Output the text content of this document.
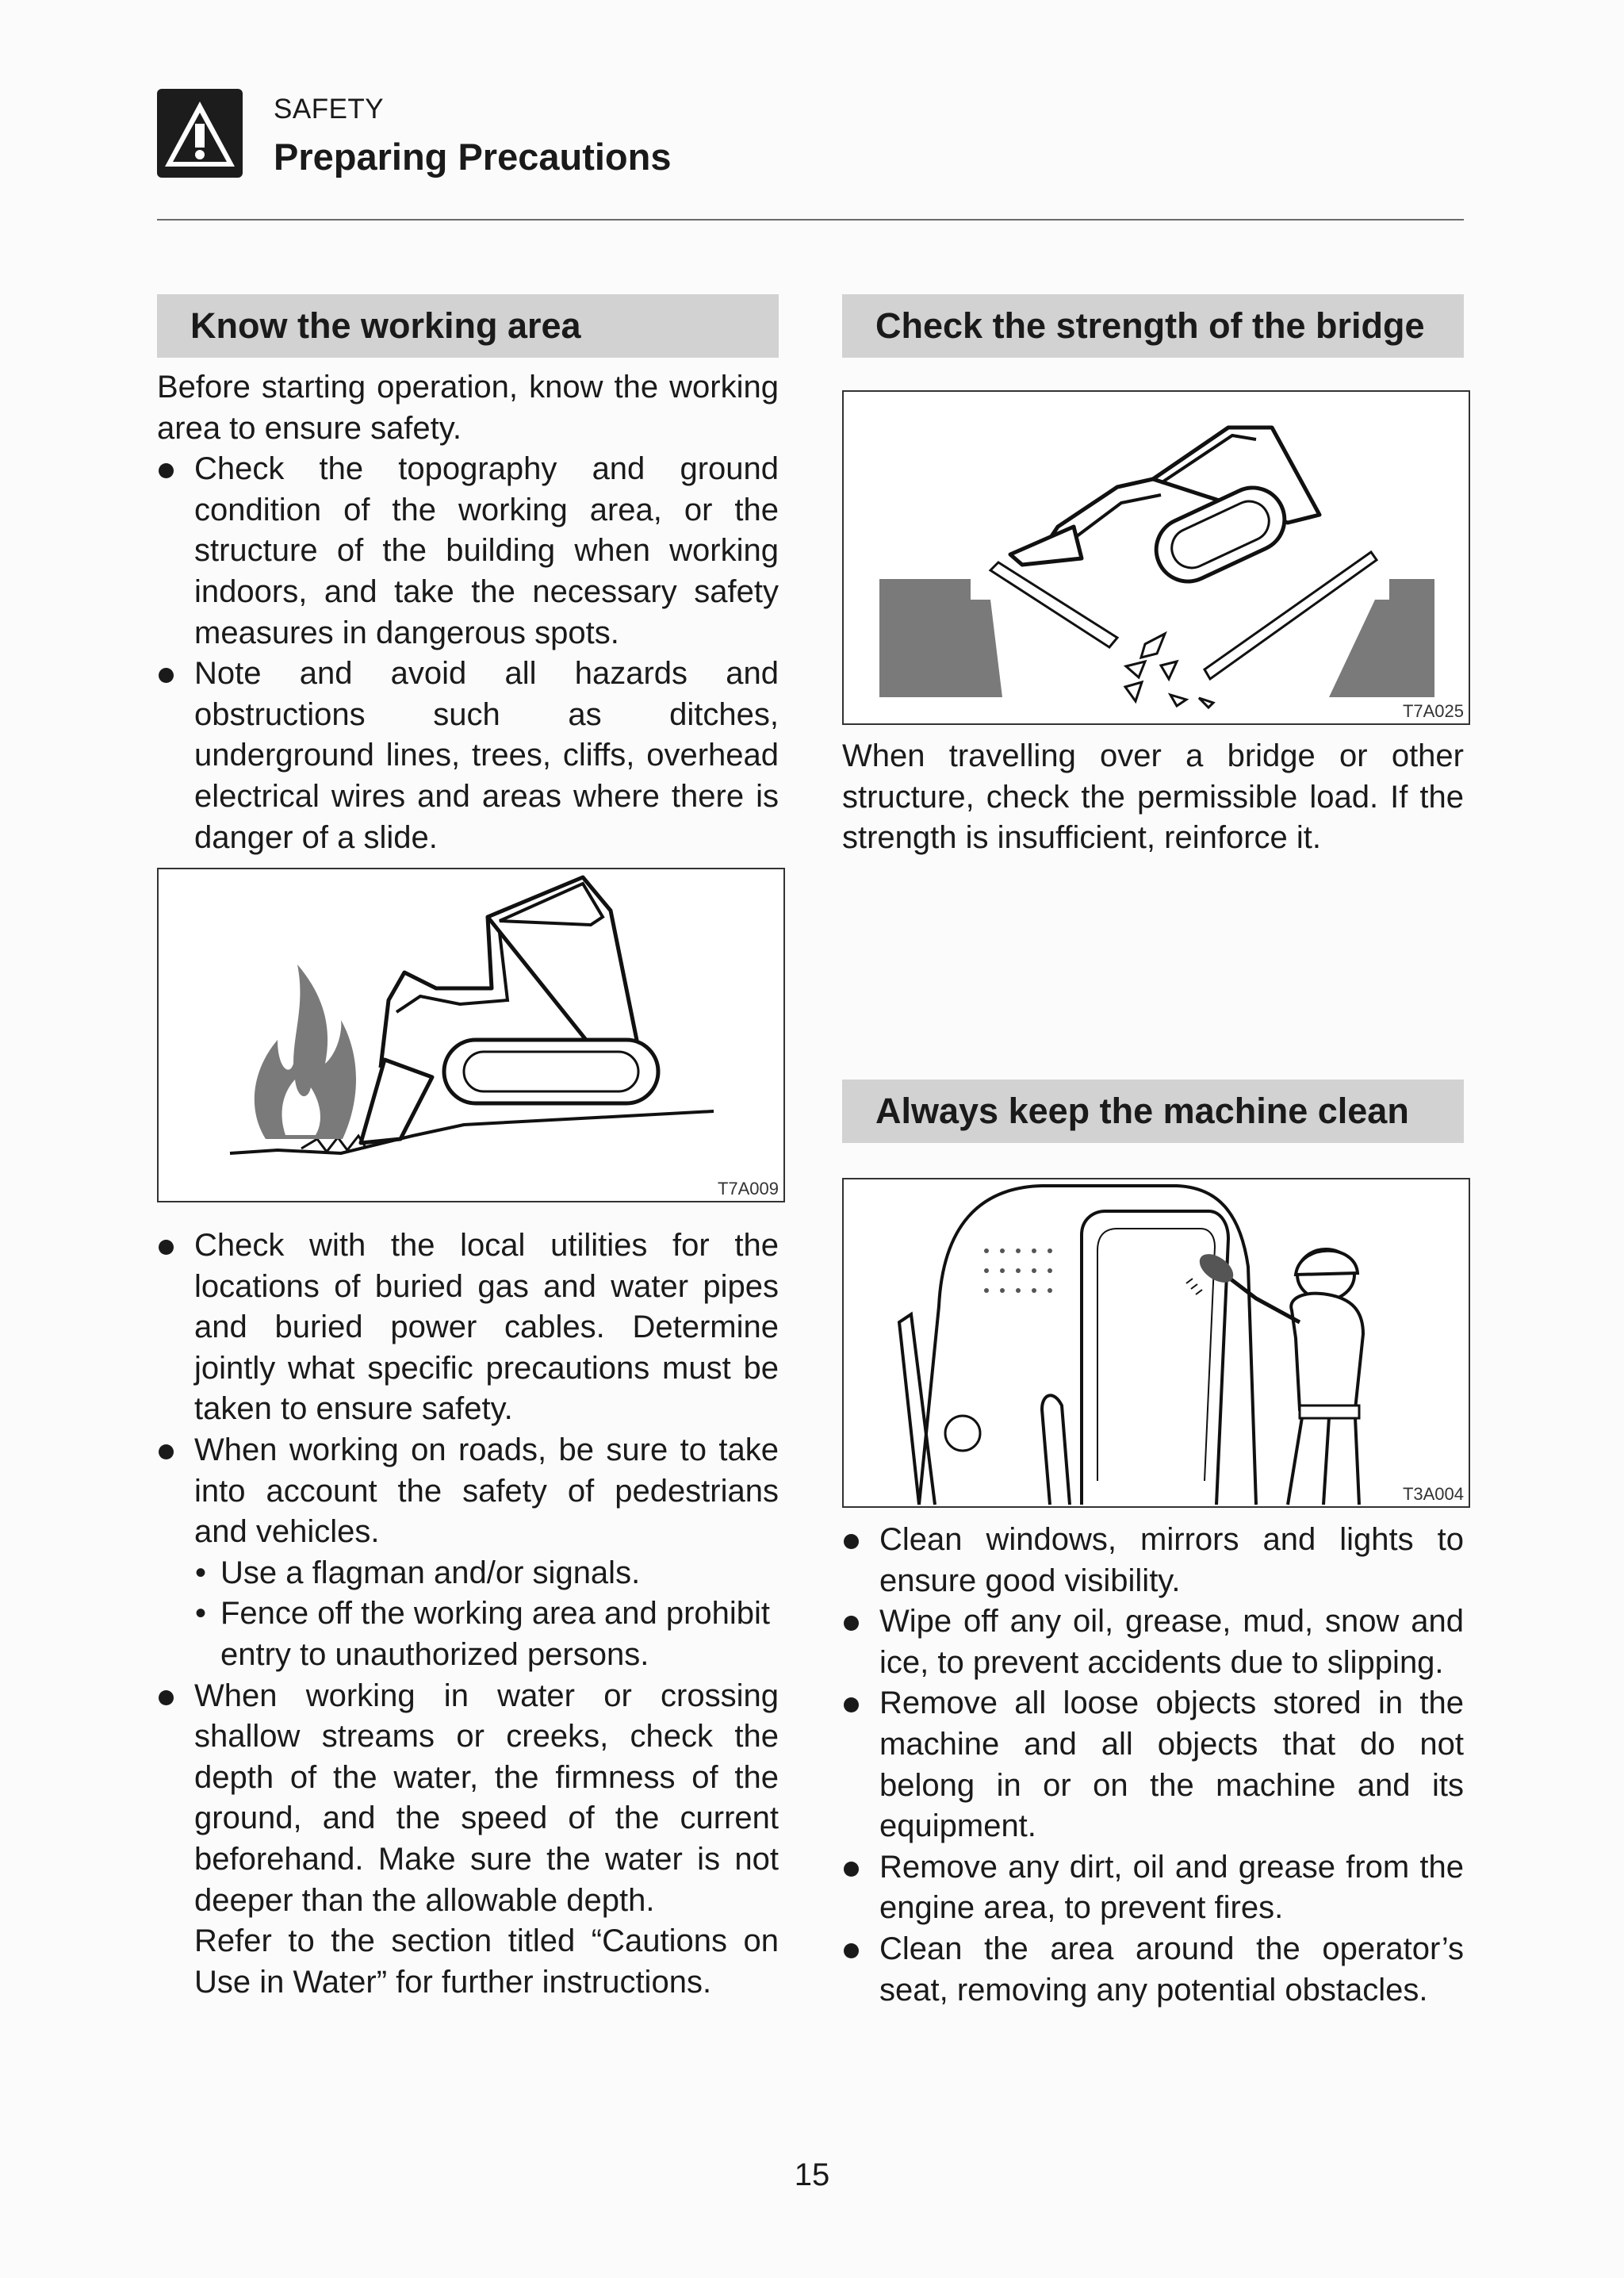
SAFETY
Preparing Precautions
Know the working area

Before starting operation, know the working area to ensure safety.

Check the topography and ground condition of the working area, or the structure of the building when working indoors, and take the necessary safety measures in dangerous spots.

Note and avoid all hazards and obstructions such as ditches, underground lines, trees, cliffs, overhead electrical wires and areas where there is danger of a slide.

T7A009

Check with the local utilities for the locations of buried gas and water pipes and buried power cables. Determine jointly what specific precautions must be taken to ensure safety.

When working on roads, be sure to take into account the safety of pedestrians and vehicles.

• Use a flagman and/or signals.

• Fence off the working area and prohibit entry to unauthorized persons.

When working in water or crossing shallow streams or creeks, check the depth of the water, the firmness of the ground, and the speed of the current beforehand. Make sure the water is not deeper than the allowable depth.

Refer to the section titled “Cautions on Use in Water” for further instructions.

Check the strength of the bridge
T7A025
When travelling over a bridge or other structure, check the permissible load. If the strength is insufficient, reinforce it.
Always keep the machine clean
T3A004

Clean windows, mirrors and lights to ensure good visibility.

Wipe off any oil, grease, mud, snow and ice, to prevent accidents due to slipping.

Remove all loose objects stored in the machine and all objects that do not belong in or on the machine and its equipment.

Remove any dirt, oil and grease from the engine area, to prevent fires.

Clean the area around the operator’s seat, removing any potential obstacles.

15
